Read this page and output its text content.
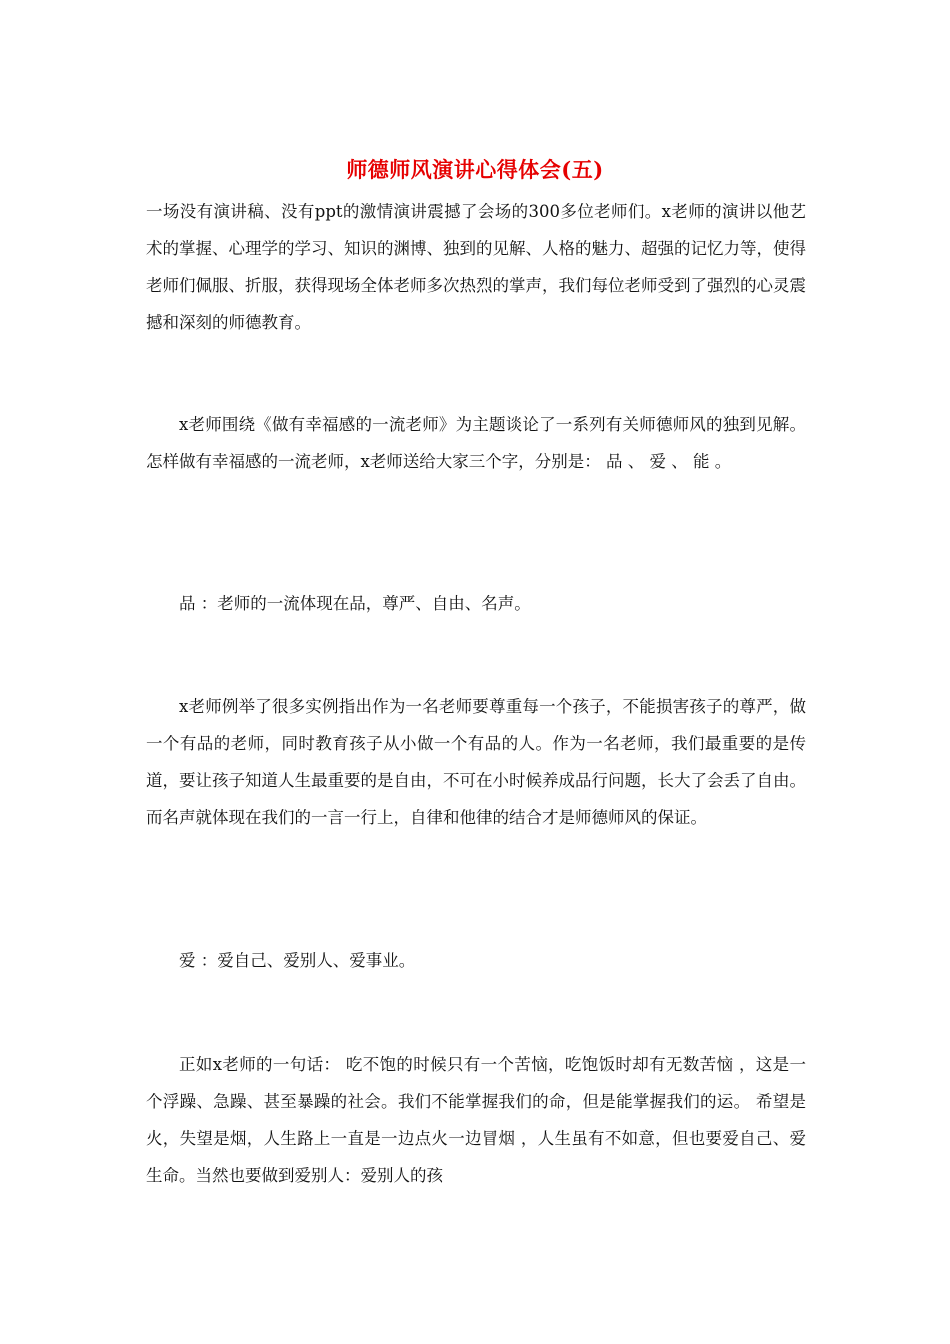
师德师风演讲心得体会(五)
一场没有演讲稿、没有ppt的激情演讲震撼了会场的300多位老师们。x老师的演讲以他艺术的掌握、心理学的学习、知识的渊博、独到的见解、人格的魅力、超强的记忆力等，使得老师们佩服、折服，获得现场全体老师多次热烈的掌声，我们每位老师受到了强烈的心灵震撼和深刻的师德教育。
x老师围绕《做有幸福感的一流老师》为主题谈论了一系列有关师德师风的独到见解。怎样做有幸福感的一流老师，x老师送给大家三个字，分别是： 品 、 爱 、 能 。
品 ：老师的一流体现在品，尊严、自由、名声。
x老师例举了很多实例指出作为一名老师要尊重每一个孩子，不能损害孩子的尊严，做一个有品的老师，同时教育孩子从小做一个有品的人。作为一名老师，我们最重要的是传道，要让孩子知道人生最重要的是自由，不可在小时候养成品行问题，长大了会丢了自由。而名声就体现在我们的一言一行上，自律和他律的结合才是师德师风的保证。
爱 ：爱自己、爱别人、爱事业。
正如x老师的一句话： 吃不饱的时候只有一个苦恼，吃饱饭时却有无数苦恼 ，这是一个浮躁、急躁、甚至暴躁的社会。我们不能掌握我们的命，但是能掌握我们的运。 希望是火，失望是烟，人生路上一直是一边点火一边冒烟 ，人生虽有不如意，但也要爱自己、爱生命。当然也要做到爱别人：爱别人的孩
